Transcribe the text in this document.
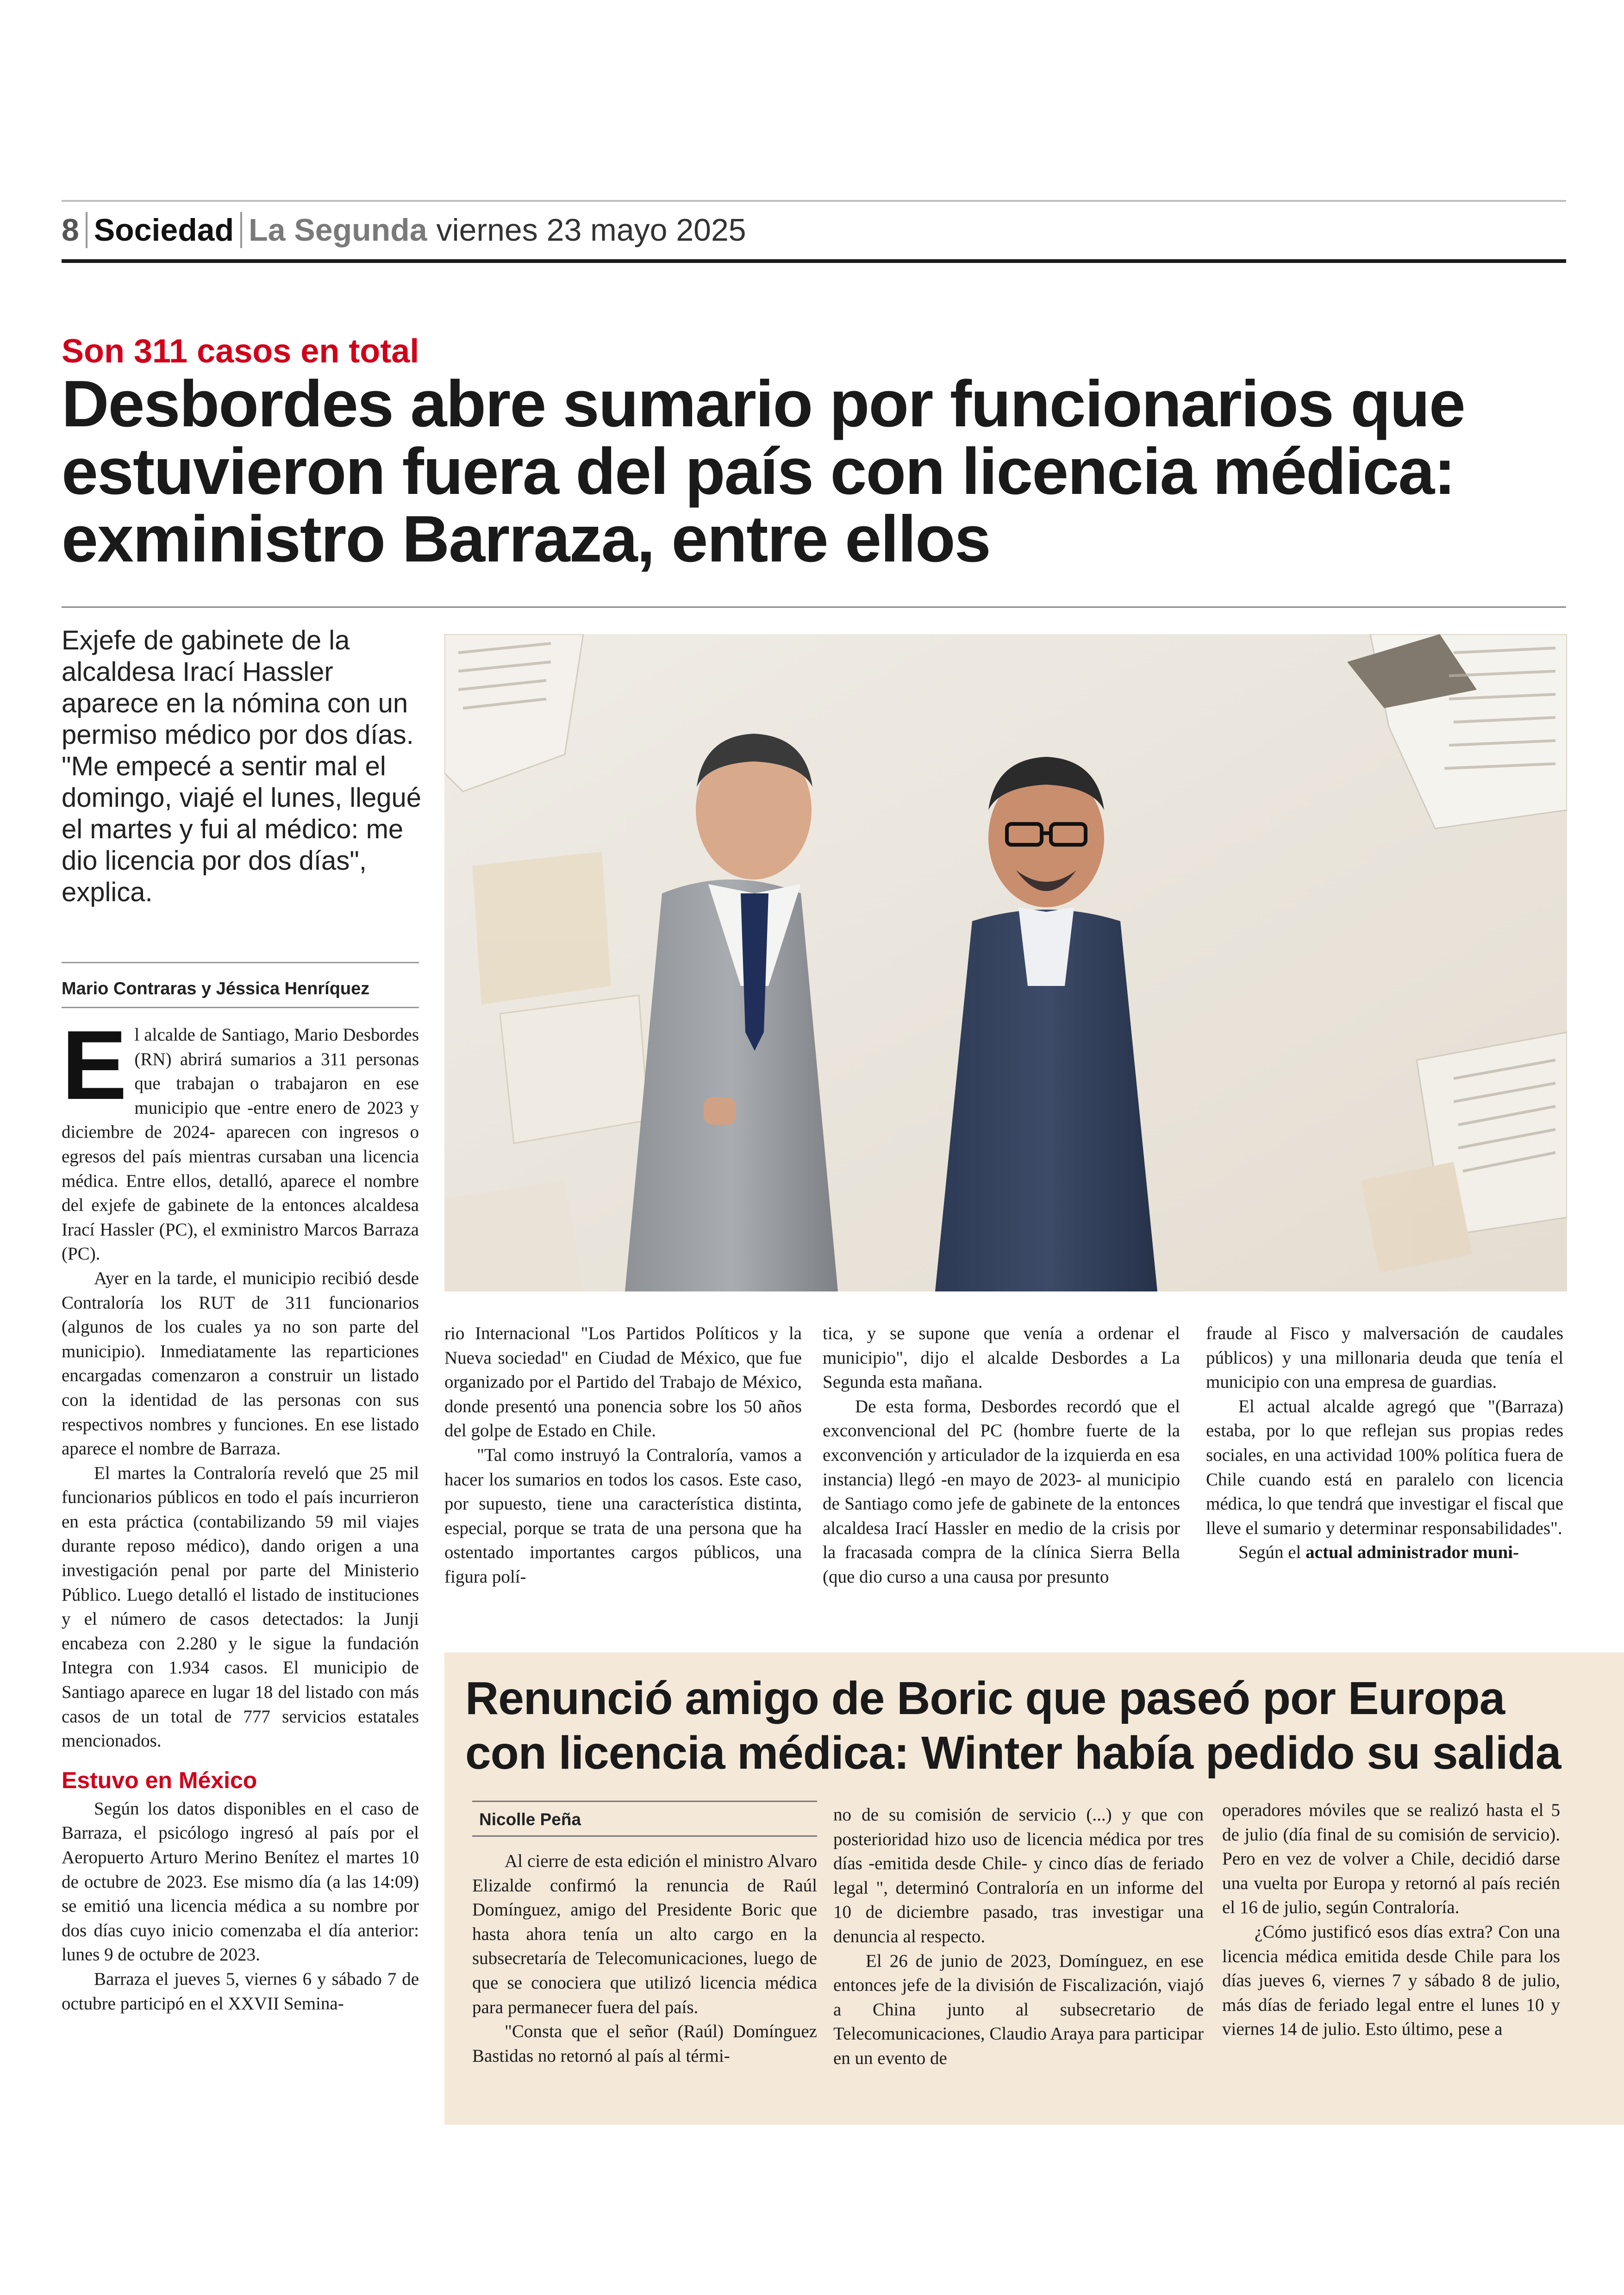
8 Sociedad La Segunda viernes 23 mayo 2025
Son 311 casos en total
Desbordes abre sumario por funcionarios que estuvieron fuera del país con licencia médica: exministro Barraza, entre ellos
Exjefe de gabinete de la alcaldesa Irací Hassler aparece en la nómina con un permiso médico por dos días. "Me empecé a sentir mal el domingo, viajé el lunes, llegué el martes y fui al médico: me dio licencia por dos días", explica.
Mario Contraras y Jéssica Henríquez

El alcalde de Santiago, Mario Desbordes (RN) abrirá sumarios a 311 personas que trabajan o trabajaron en ese municipio que -entre enero de 2023 y diciembre de 2024- aparecen con ingresos o egresos del país mientras cursaban una licencia médica. Entre ellos, detalló, aparece el nombre del exjefe de gabinete de la entonces alcaldesa Irací Hassler (PC), el exministro Marcos Barraza (PC).

Ayer en la tarde, el municipio recibió desde Contraloría los RUT de 311 funcionarios (algunos de los cuales ya no son parte del municipio). Inmediatamente las reparticiones encargadas comenzaron a construir un listado con la identidad de las personas con sus respectivos nombres y funciones. En ese listado aparece el nombre de Barraza.

El martes la Contraloría reveló que 25 mil funcionarios públicos en todo el país incurrieron en esta práctica (contabilizando 59 mil viajes durante reposo médico), dando origen a una investigación penal por parte del Ministerio Público. Luego detalló el listado de instituciones y el número de casos detectados: la Junji encabeza con 2.280 y le sigue la fundación Integra con 1.934 casos. El municipio de Santiago aparece en lugar 18 del listado con más casos de un total de 777 servicios estatales mencionados.

Estuvo en México

Según los datos disponibles en el caso de Barraza, el psicólogo ingresó al país por el Aeropuerto Arturo Merino Benítez el martes 10 de octubre de 2023. Ese mismo día (a las 14:09) se emitió una licencia médica a su nombre por dos días cuyo inicio comenzaba el día anterior: lunes 9 de octubre de 2023.

Barraza el jueves 5, viernes 6 y sábado 7 de octubre participó en el XXVII Semina-

rio Internacional "Los Partidos Políticos y la Nueva sociedad" en Ciudad de México, que fue organizado por el Partido del Trabajo de México, donde presentó una ponencia sobre los 50 años del golpe de Estado en Chile.

"Tal como instruyó la Contraloría, vamos a hacer los sumarios en todos los casos. Este caso, por supuesto, tiene una característica distinta, especial, porque se trata de una persona que ha ostentado importantes cargos públicos, una figura polí-

tica, y se supone que venía a ordenar el municipio", dijo el alcalde Desbordes a La Segunda esta mañana.

De esta forma, Desbordes recordó que el exconvencional del PC (hombre fuerte de la exconvención y articulador de la izquierda en esa instancia) llegó -en mayo de 2023- al municipio de Santiago como jefe de gabinete de la entonces alcaldesa Irací Hassler en medio de la crisis por la fracasada compra de la clínica Sierra Bella (que dio curso a una causa por presunto

fraude al Fisco y malversación de caudales públicos) y una millonaria deuda que tenía el municipio con una empresa de guardias.

El actual alcalde agregó que "(Barraza) estaba, por lo que reflejan sus propias redes sociales, en una actividad 100% política fuera de Chile cuando está en paralelo con licencia médica, lo que tendrá que investigar el fiscal que lleve el sumario y determinar responsabilidades".

Según el actual administrador muni-

Renunció amigo de Boric que paseó por Europa con licencia médica: Winter había pedido su salida
Nicolle Peña

Al cierre de esta edición el ministro Alvaro Elizalde confirmó la renuncia de Raúl Domínguez, amigo del Presidente Boric que hasta ahora tenía un alto cargo en la subsecretaría de Telecomunicaciones, luego de que se conociera que utilizó licencia médica para permanecer fuera del país.

"Consta que el señor (Raúl) Domínguez Bastidas no retornó al país al térmi-

no de su comisión de servicio (...) y que con posterioridad hizo uso de licencia médica por tres días -emitida desde Chile- y cinco días de feriado legal ", determinó Contraloría en un informe del 10 de diciembre pasado, tras investigar una denuncia al respecto.

El 26 de junio de 2023, Domínguez, en ese entonces jefe de la división de Fiscalización, viajó a China junto al subsecretario de Telecomunicaciones, Claudio Araya para participar en un evento de

operadores móviles que se realizó hasta el 5 de julio (día final de su comisión de servicio). Pero en vez de volver a Chile, decidió darse una vuelta por Europa y retornó al país recién el 16 de julio, según Contraloría.

¿Cómo justificó esos días extra? Con una licencia médica emitida desde Chile para los días jueves 6, viernes 7 y sábado 8 de julio, más días de feriado legal entre el lunes 10 y viernes 14 de julio. Esto último, pese a
